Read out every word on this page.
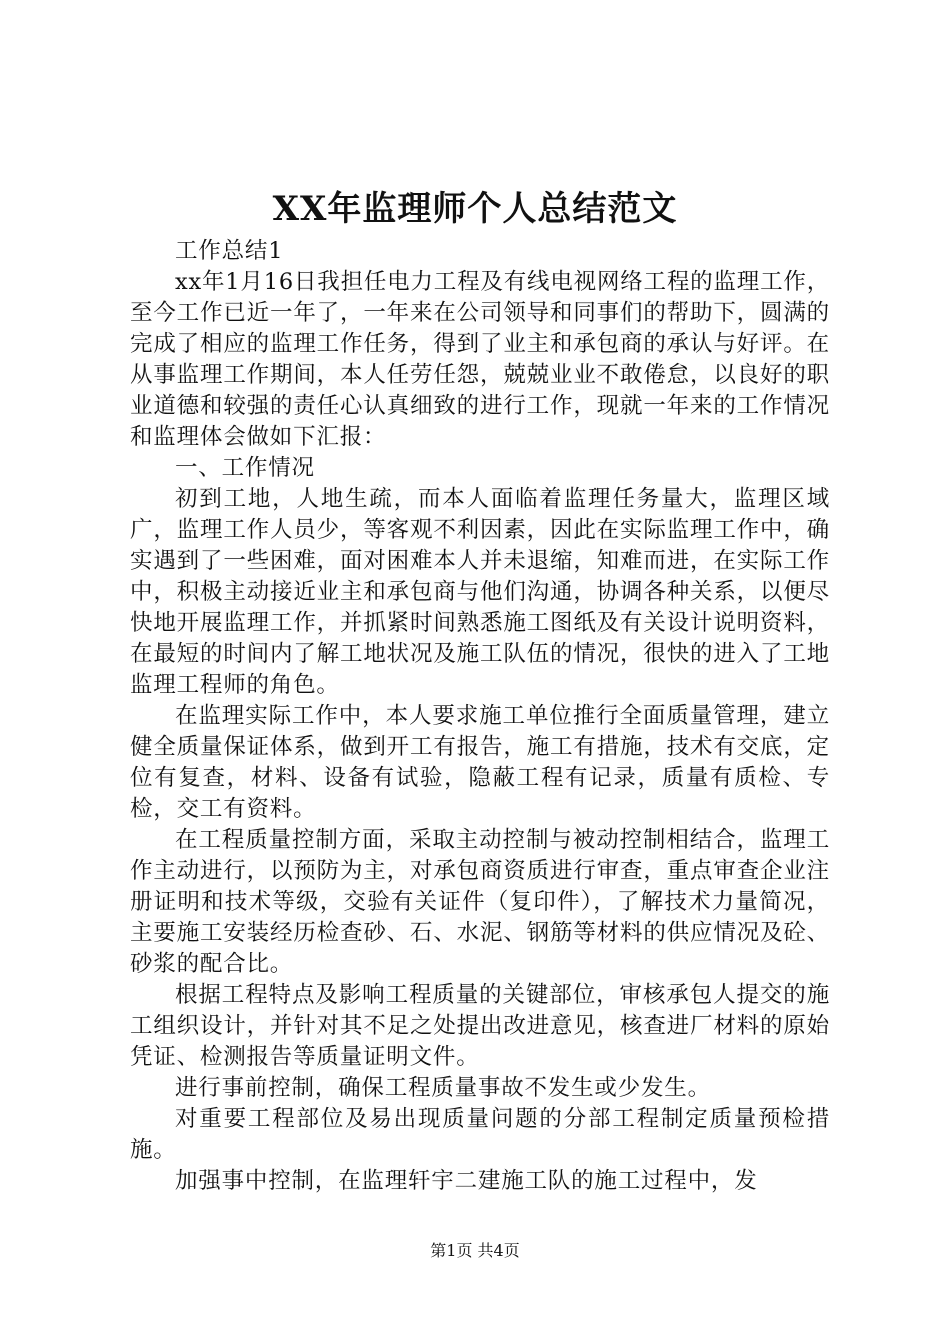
XX年监理师个人总结范文

工作总结1

xx年1月16日我担任电力工程及有线电视网络工程的监理工作，至今工作已近一年了，一年来在公司领导和同事们的帮助下，圆满的完成了相应的监理工作任务，得到了业主和承包商的承认与好评。在从事监理工作期间，本人任劳任怨，兢兢业业不敢倦怠，以良好的职业道德和较强的责任心认真细致的进行工作，现就一年来的工作情况和监理体会做如下汇报：

一、工作情况

初到工地，人地生疏，而本人面临着监理任务量大，监理区域广，监理工作人员少，等客观不利因素，因此在实际监理工作中，确实遇到了一些困难，面对困难本人并未退缩，知难而进，在实际工作中，积极主动接近业主和承包商与他们沟通，协调各种关系，以便尽快地开展监理工作，并抓紧时间熟悉施工图纸及有关设计说明资料，在最短的时间内了解工地状况及施工队伍的情况，很快的进入了工地监理工程师的角色。

在监理实际工作中，本人要求施工单位推行全面质量管理，建立健全质量保证体系，做到开工有报告，施工有措施，技术有交底，定位有复查，材料、设备有试验，隐蔽工程有记录，质量有质检、专检，交工有资料。

在工程质量控制方面，采取主动控制与被动控制相结合，监理工作主动进行，以预防为主，对承包商资质进行审查，重点审查企业注册证明和技术等级，交验有关证件（复印件），了解技术力量简况，主要施工安装经历检查砂、石、水泥、钢筋等材料的供应情况及砼、砂浆的配合比。

根据工程特点及影响工程质量的关键部位，审核承包人提交的施工组织设计，并针对其不足之处提出改进意见，核查进厂材料的原始凭证、检测报告等质量证明文件。

进行事前控制，确保工程质量事故不发生或少发生。

对重要工程部位及易出现质量问题的分部工程制定质量预检措施。

加强事中控制，在监理轩宇二建施工队的施工过程中，发

第1页 共4页
